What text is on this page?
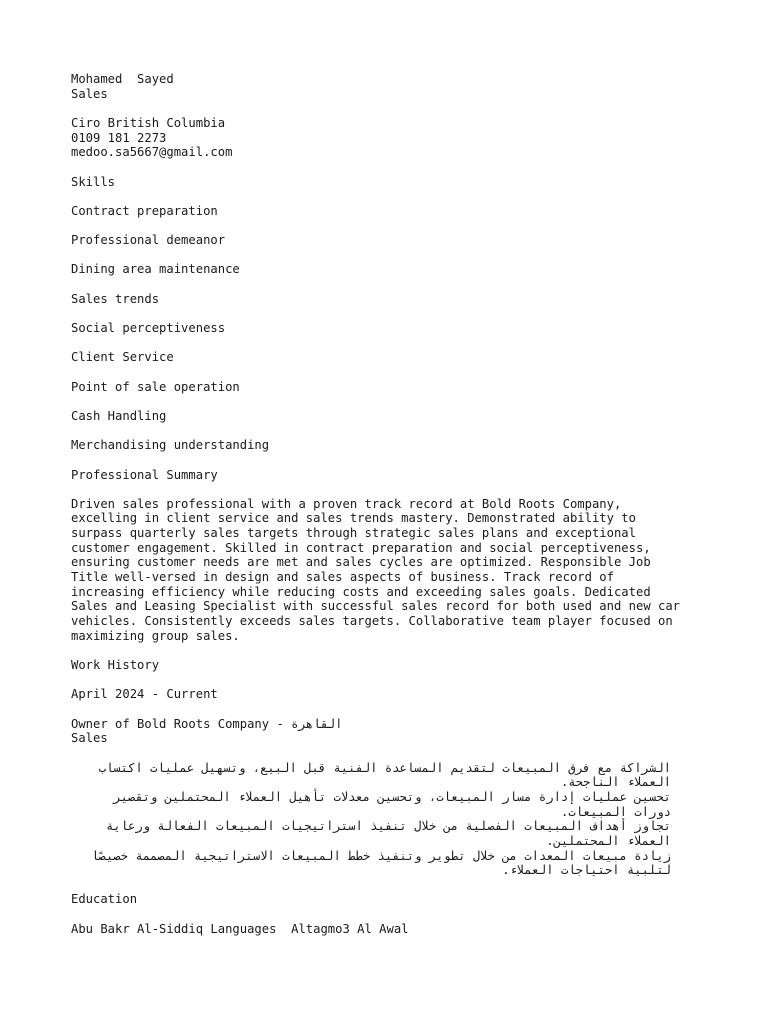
Mohamed  Sayed
Sales
Ciro British Columbia
0109 181 2273
medoo.sa5667@gmail.com
Skills
Contract preparation
Professional demeanor
Dining area maintenance
Sales trends
Social perceptiveness
Client Service
Point of sale operation
Cash Handling
Merchandising understanding
Professional Summary
Driven sales professional with a proven track record at Bold Roots Company,
excelling in client service and sales trends mastery. Demonstrated ability to
surpass quarterly sales targets through strategic sales plans and exceptional
customer engagement. Skilled in contract preparation and social perceptiveness,
ensuring customer needs are met and sales cycles are optimized. Responsible Job
Title well-versed in design and sales aspects of business. Track record of
increasing efficiency while reducing costs and exceeding sales goals. Dedicated
Sales and Leasing Specialist with successful sales record for both used and new car
vehicles. Consistently exceeds sales targets. Collaborative team player focused on
maximizing group sales.
Work History
April 2024 - Current
Owner of Bold Roots Company - القاهرة
Sales
الشراكة مع فرق المبيعات لتقديم المساعدة الفنية قبل البيع، وتسهيل عمليات اكتساب العملاء الناجحة.
تحسين عمليات إدارة مسار المبيعات، وتحسين معدلات تأهيل العملاء المحتملين وتقصير دورات المبيعات.
تجاوز أهداف المبيعات الفصلية من خلال تنفيذ استراتيجيات المبيعات الفعالة ورعاية العملاء المحتملين.
زيادة مبيعات المعدات من خلال تطوير وتنفيذ خطط المبيعات الاستراتيجية المصممة خصيصًا لتلبية احتياجات العملاء.
Education
Abu Bakr Al-Siddiq Languages  Altagmo3 Al Awal
